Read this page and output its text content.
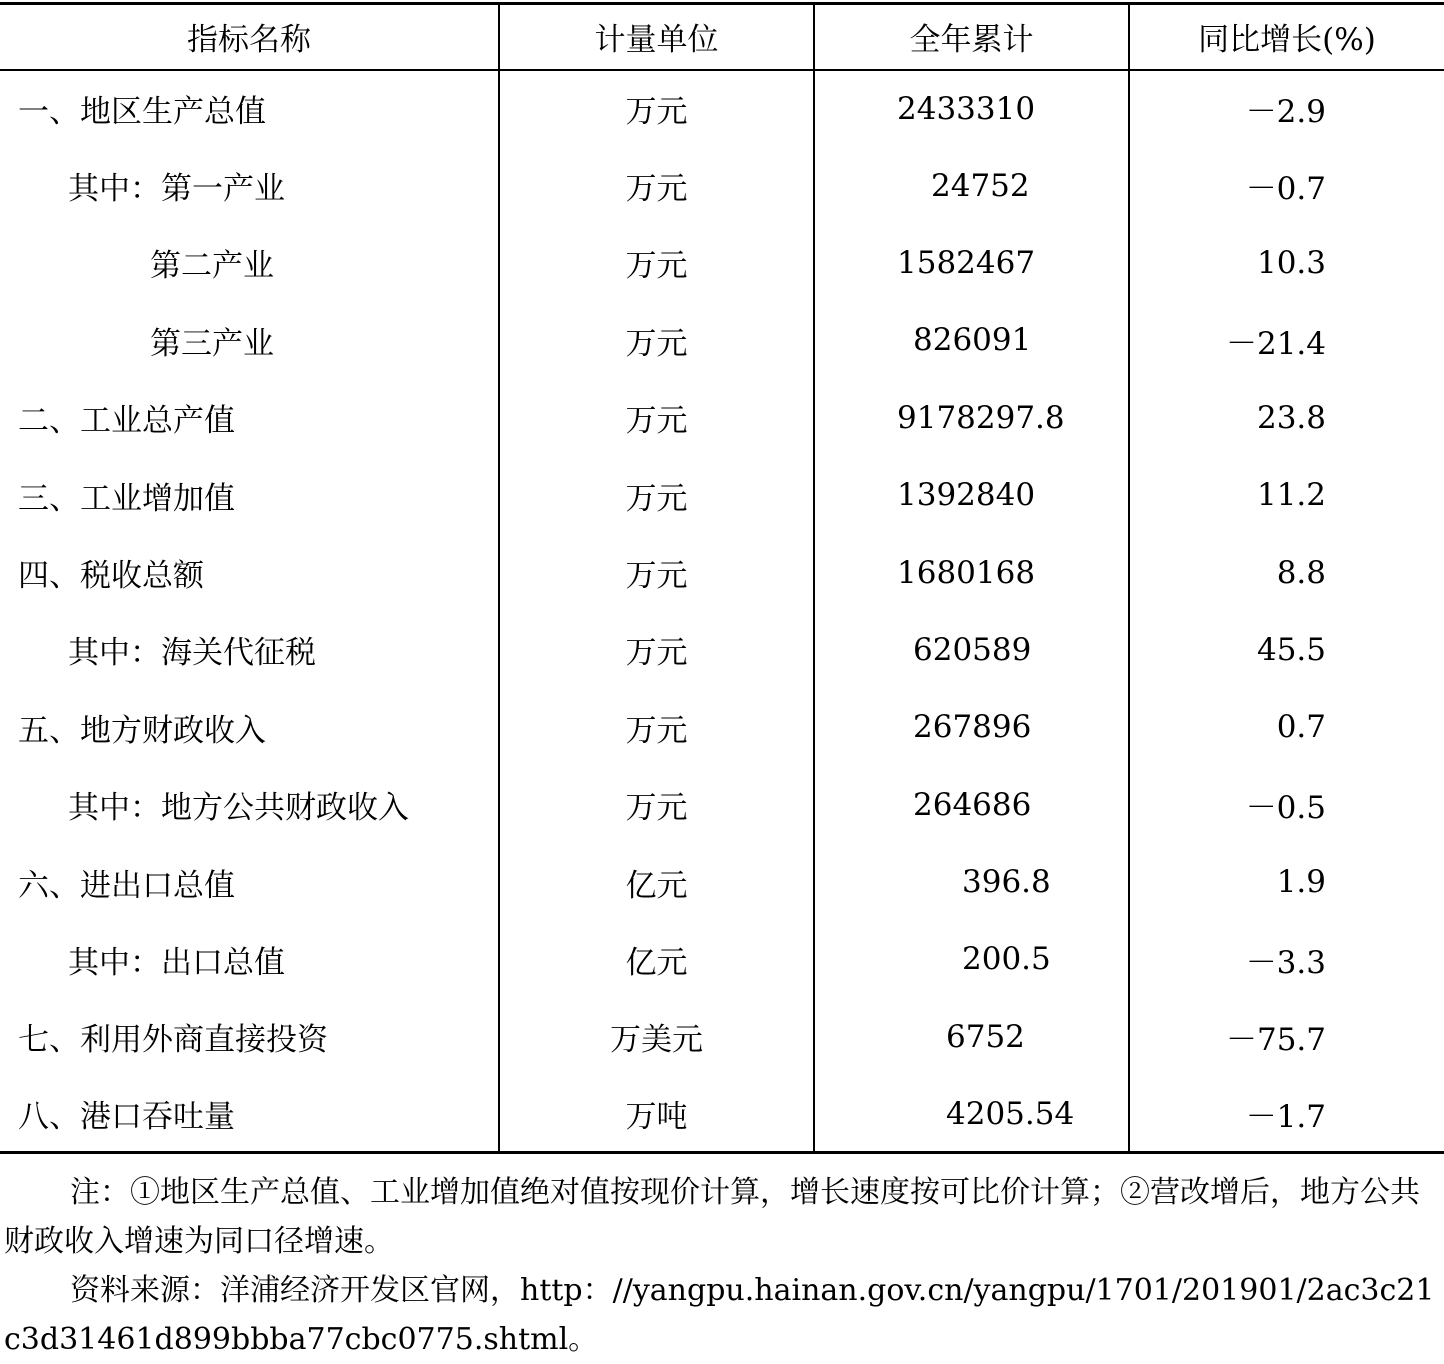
指标名称	计量单位	全年累计	同比增长(%)
一、地区生产总值	万元	2433310	－2.9
其中：第一产业	万元	24752	－0.7
第二产业	万元	1582467	10.3
第三产业	万元	826091	－21.4
二、工业总产值	万元	9178297.8	23.8
三、工业增加值	万元	1392840	11.2
四、税收总额	万元	1680168	8.8
其中：海关代征税	万元	620589	45.5
五、地方财政收入	万元	267896	0.7
其中：地方公共财政收入	万元	264686	－0.5
六、进出口总值	亿元	396.8	1.9
其中：出口总值	亿元	200.5	－3.3
七、利用外商直接投资	万美元	6752	－75.7
八、港口吞吐量	万吨	4205.54	－1.7

注：①地区生产总值、工业增加值绝对值按现价计算，增长速度按可比价计算；②营改增后，地方公共财政收入增速为同口径增速。

资料来源：洋浦经济开发区官网，http：//yangpu.hainan.gov.cn/yangpu/1701/201901/2ac3c21c3d31461d899bbba77cbc0775.shtml。
